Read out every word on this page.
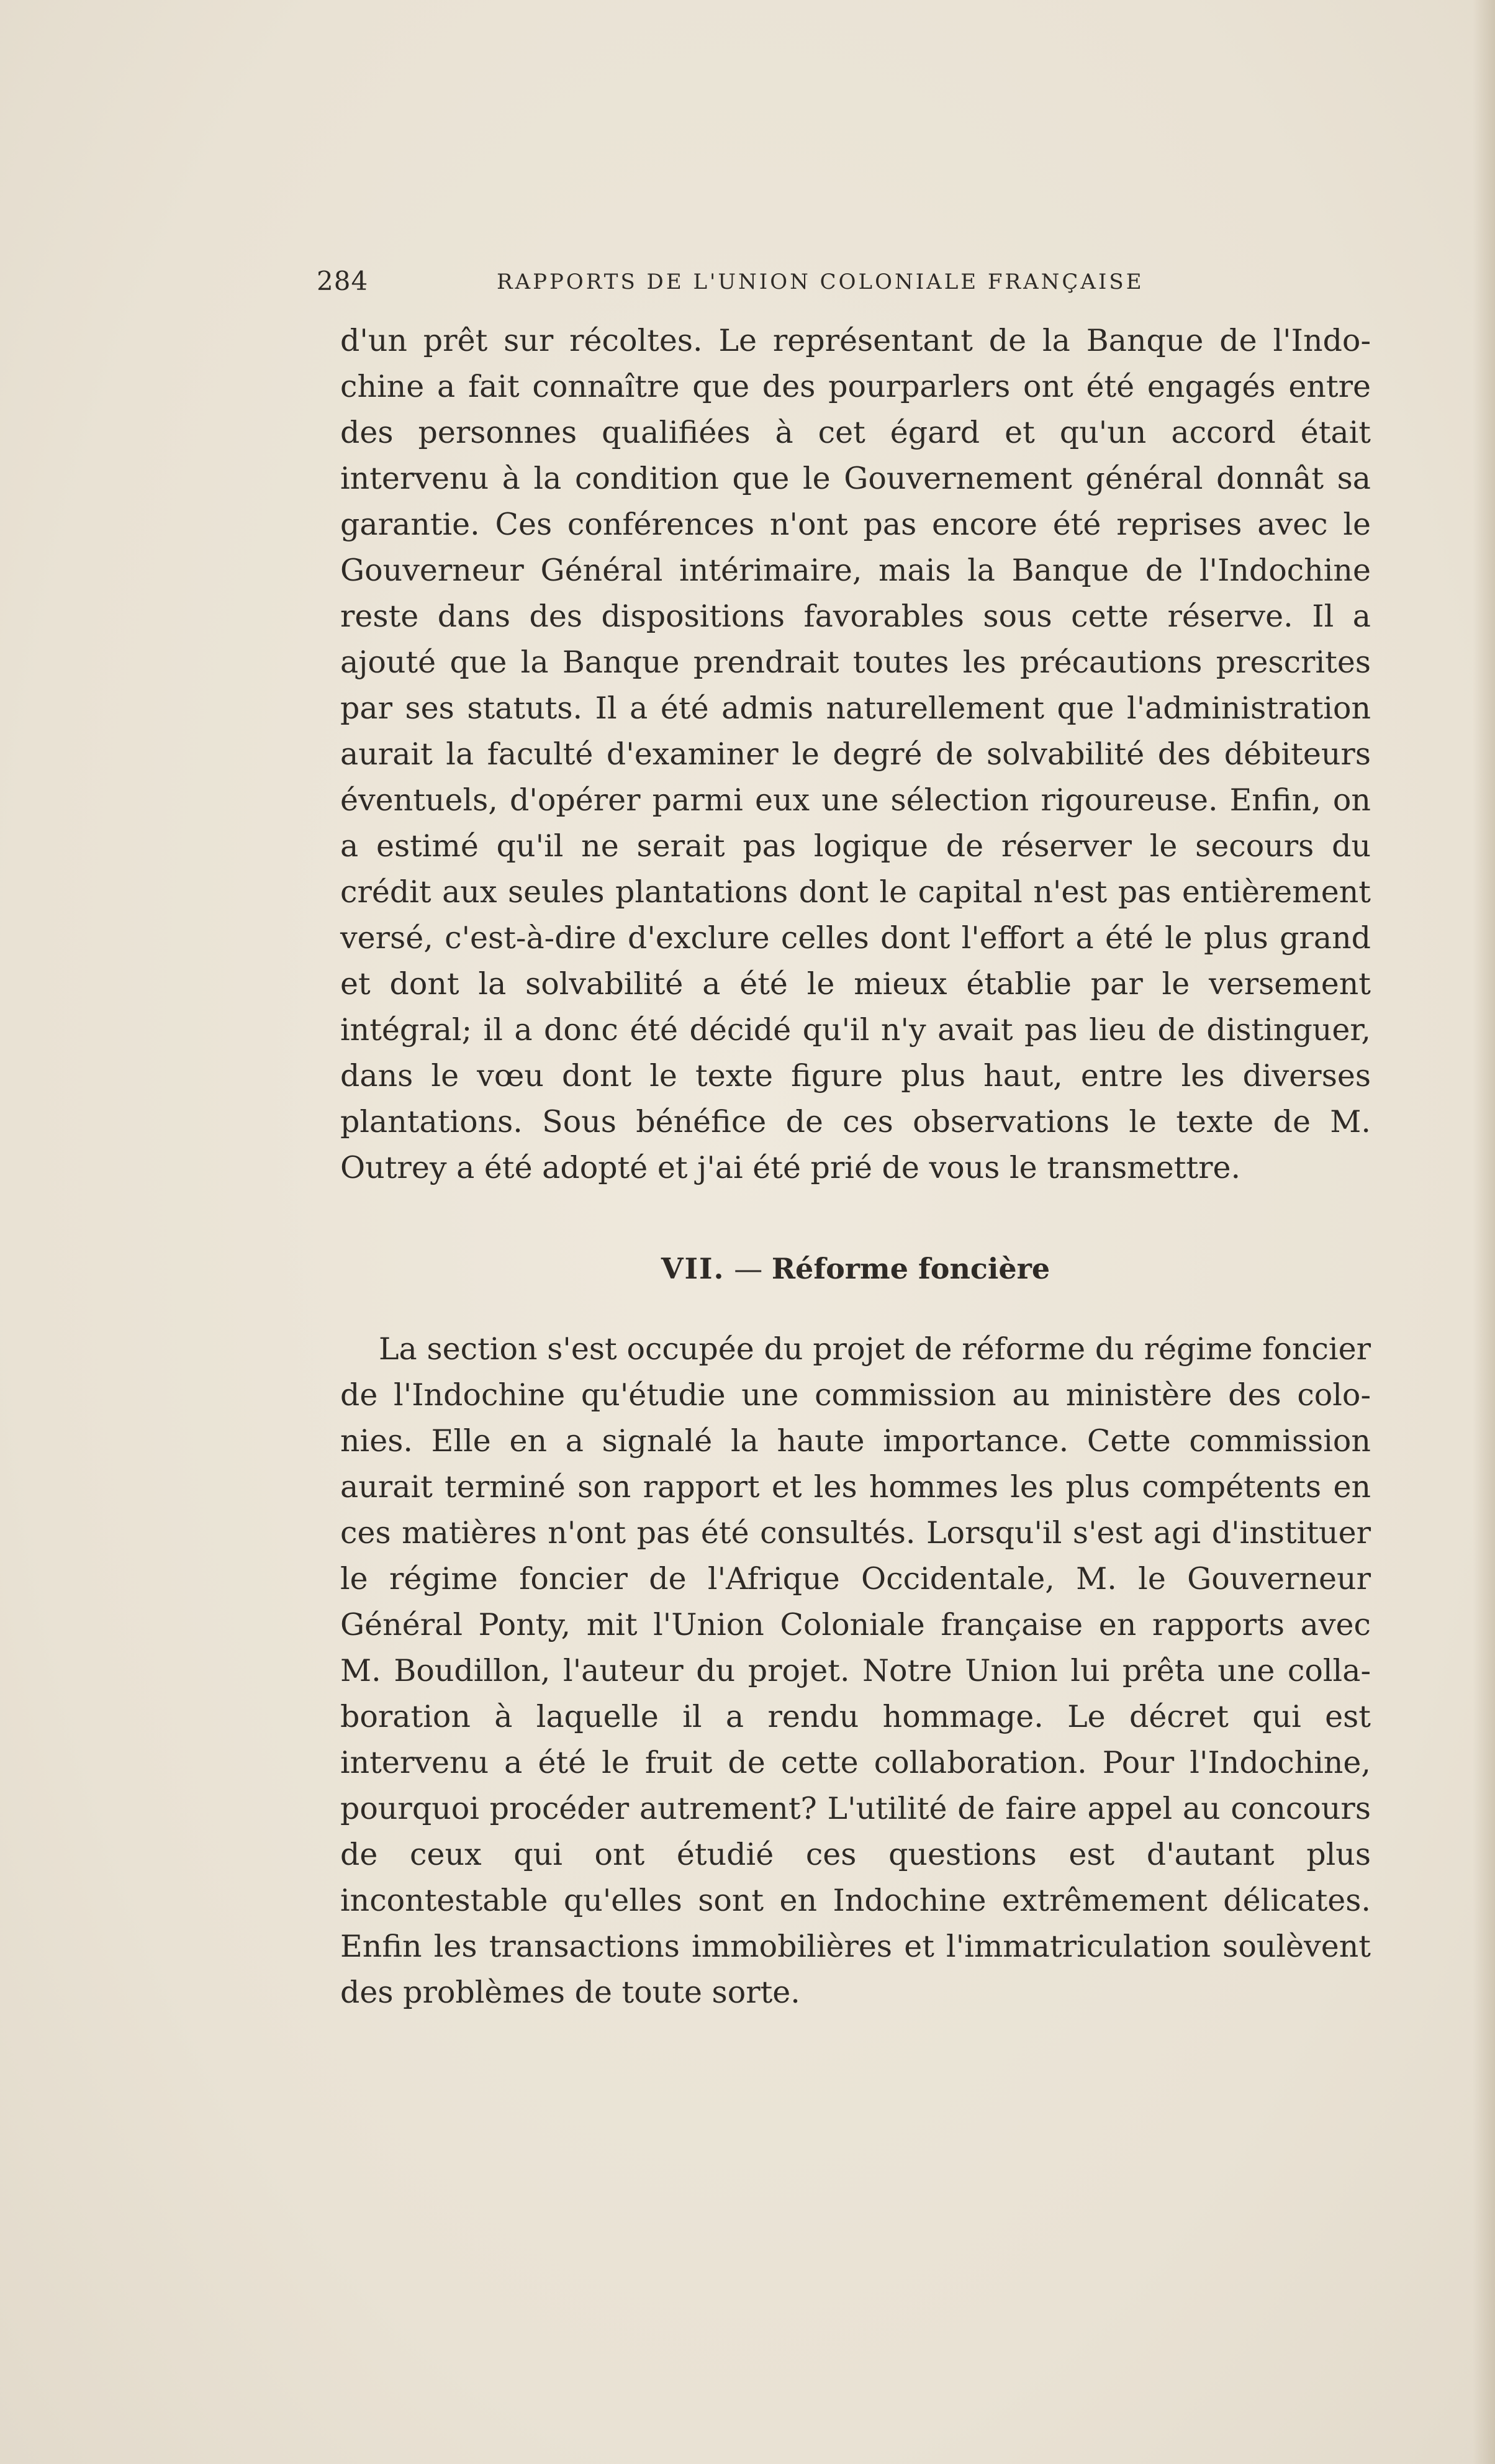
284	RAPPORTS DE L'UNION COLONIALE FRANÇAISE

d'un prêt sur récoltes. Le représentant de la Banque de l'Indochine a fait connaître que des pourparlers ont été engagés entre des personnes qualifiées à cet égard et qu'un accord était intervenu à la condition que le Gouvernement général donnât sa garantie. Ces conférences n'ont pas encore été reprises avec le Gouverneur Général intérimaire, mais la Banque de l'Indochine reste dans des dispositions favorables sous cette réserve. Il a ajouté que la Banque prendrait toutes les précautions prescrites par ses statuts. Il a été admis naturellement que l'administration aurait la faculté d'examiner le degré de solvabilité des débiteurs éventuels, d'opérer parmi eux une sélection rigoureuse. Enfin, on a estimé qu'il ne serait pas logique de réserver le secours du crédit aux seules plantations dont le capital n'est pas entièrement versé, c'est-à-dire d'exclure celles dont l'effort a été le plus grand et dont la solvabilité a été le mieux établie par le versement intégral; il a donc été décidé qu'il n'y avait pas lieu de distinguer, dans le vœu dont le texte figure plus haut, entre les diverses plantations. Sous bénéfice de ces observations le texte de M. Outrey a été adopté et j'ai été prié de vous le transmettre.

VII. — Réforme foncière

La section s'est occupée du projet de réforme du régime foncier de l'Indochine qu'étudie une commission au ministère des colonies. Elle en a signalé la haute importance. Cette commission aurait terminé son rapport et les hommes les plus compétents en ces matières n'ont pas été consultés. Lorsqu'il s'est agi d'instituer le régime foncier de l'Afrique Occidentale, M. le Gouverneur Général Ponty, mit l'Union Coloniale française en rapports avec M. Boudillon, l'auteur du projet. Notre Union lui prêta une collaboration à laquelle il a rendu hommage. Le décret qui est intervenu a été le fruit de cette collaboration. Pour l'Indochine, pourquoi procéder autrement? L'utilité de faire appel au concours de ceux qui ont étudié ces questions est d'autant plus incontestable qu'elles sont en Indochine extrêmement délicates. Enfin les transactions immobilières et l'immatriculation soulèvent des problèmes de toute sorte.
